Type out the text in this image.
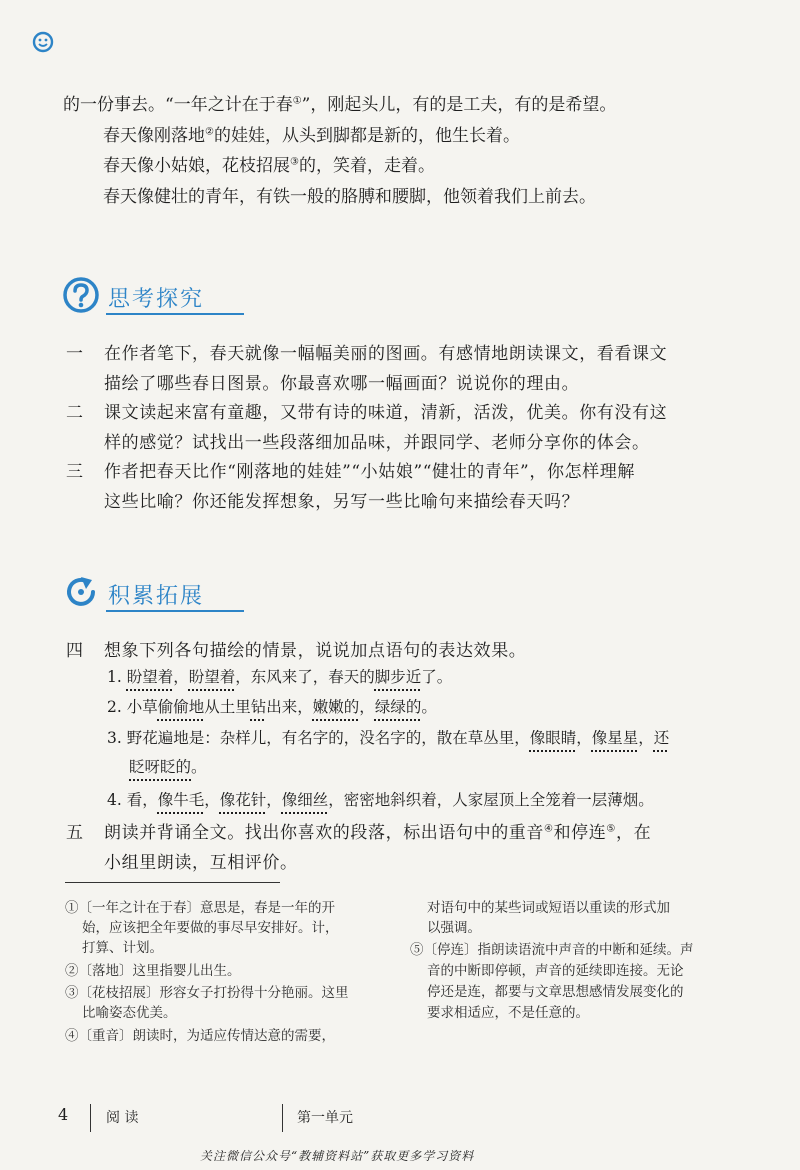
的一份事去。“一年之计在于春①”，刚起头儿，有的是工夫，有的是希望。
春天像刚落地②的娃娃，从头到脚都是新的，他生长着。
春天像小姑娘，花枝招展③的，笑着，走着。
春天像健壮的青年，有铁一般的胳膊和腰脚，他领着我们上前去。
思考探究
一 在作者笔下，春天就像一幅幅美丽的图画。有感情地朗读课文，看看课文
描绘了哪些春日图景。你最喜欢哪一幅画面？说说你的理由。
二 课文读起来富有童趣，又带有诗的味道，清新，活泼，优美。你有没有这
样的感觉？试找出一些段落细加品味，并跟同学、老师分享你的体会。
三 作者把春天比作“刚落地的娃娃”“小姑娘”“健壮的青年”，你怎样理解
这些比喻？你还能发挥想象，另写一些比喻句来描绘春天吗？
积累拓展
四 想象下列各句描绘的情景，说说加点语句的表达效果。
1. 盼望着，盼望着，东风来了，春天的脚步近了。
2. 小草偷偷地从土里钻出来，嫩嫩的，绿绿的。
3. 野花遍地是：杂样儿，有名字的，没名字的，散在草丛里，像眼睛，像星星，还
眨呀眨的。
4. 看，像牛毛，像花针，像细丝，密密地斜织着，人家屋顶上全笼着一层薄烟。
五 朗读并背诵全文。找出你喜欢的段落，标出语句中的重音④和停连⑤，在
小组里朗读，互相评价。
①〔一年之计在于春〕意思是，春是一年的开
始，应该把全年要做的事尽早安排好。计，
打算、计划。
②〔落地〕这里指婴儿出生。
③〔花枝招展〕形容女子打扮得十分艳丽。这里
比喻姿态优美。
④〔重音〕朗读时，为适应传情达意的需要，
对语句中的某些词或短语以重读的形式加
以强调。
⑤〔停连〕指朗读语流中声音的中断和延续。声
音的中断即停顿，声音的延续即连接。无论
停还是连，都要与文章思想感情发展变化的
要求相适应，不是任意的。
4	阅 读	第一单元
关注微信公众号“教辅资料站”获取更多学习资料
